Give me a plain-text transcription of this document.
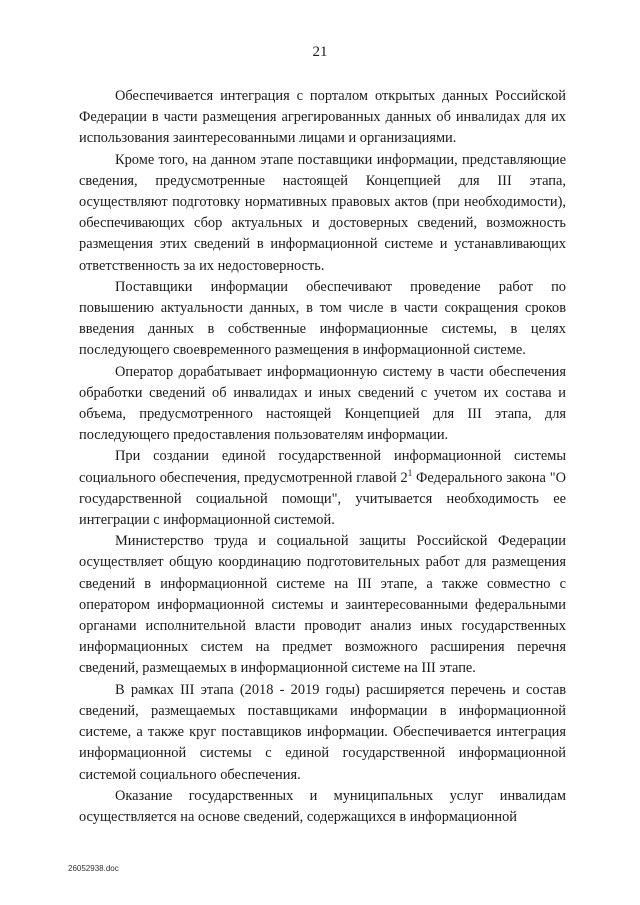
21

Обеспечивается интеграция с порталом открытых данных Российской Федерации в части размещения агрегированных данных об инвалидах для их использования заинтересованными лицами и организациями.

Кроме того, на данном этапе поставщики информации, представляющие сведения, предусмотренные настоящей Концепцией для III этапа, осуществляют подготовку нормативных правовых актов (при необходимости), обеспечивающих сбор актуальных и достоверных сведений, возможность размещения этих сведений в информационной системе и устанавливающих ответственность за их недостоверность.

Поставщики информации обеспечивают проведение работ по повышению актуальности данных, в том числе в части сокращения сроков введения данных в собственные информационные системы, в целях последующего своевременного размещения в информационной системе.

Оператор дорабатывает информационную систему в части обеспечения обработки сведений об инвалидах и иных сведений с учетом их состава и объема, предусмотренного настоящей Концепцией для III этапа, для последующего предоставления пользователям информации.

При создании единой государственной информационной системы социального обеспечения, предусмотренной главой $2^1$ Федерального закона "О государственной социальной помощи", учитывается необходимость ее интеграции с информационной системой.

Министерство труда и социальной защиты Российской Федерации осуществляет общую координацию подготовительных работ для размещения сведений в информационной системе на III этапе, а также совместно с оператором информационной системы и заинтересованными федеральными органами исполнительной власти проводит анализ иных государственных информационных систем на предмет возможного расширения перечня сведений, размещаемых в информационной системе на III этапе.

В рамках III этапа (2018 - 2019 годы) расширяется перечень и состав сведений, размещаемых поставщиками информации в информационной системе, а также круг поставщиков информации. Обеспечивается интеграция информационной системы с единой государственной информационной системой социального обеспечения.

Оказание государственных и муниципальных услуг инвалидам осуществляется на основе сведений, содержащихся в информационной

26052938.doc
